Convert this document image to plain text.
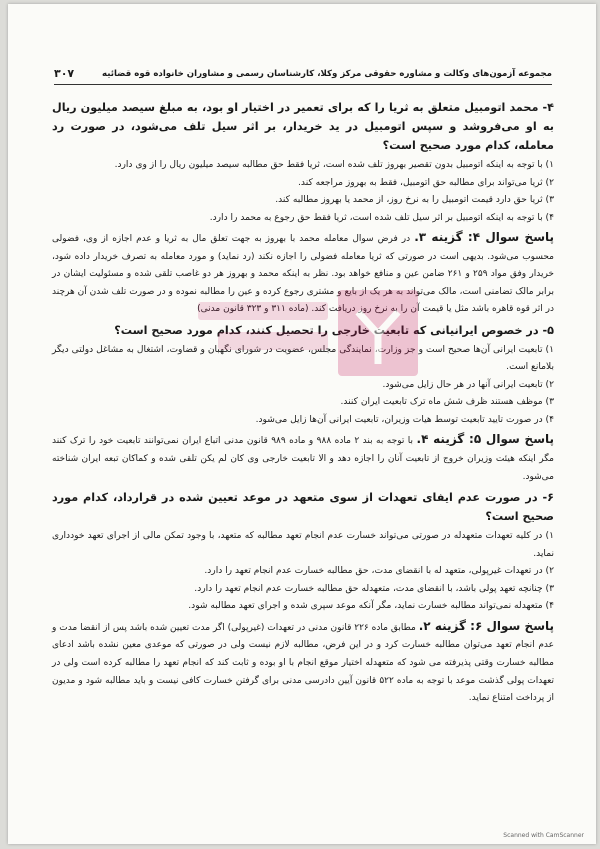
مجموعه آزمون‌های وکالت و مشاوره حقوقی مرکز وکلا، کارشناسان رسمی و مشاوران خانواده قوه قضائیه
۳۰۷

۴- محمد اتومبیل متعلق به ثریا را که برای تعمیر در اختیار او بود، به مبلغ سیصد میلیون ریال به او می‌فروشد و سپس اتومبیل در ید خریدار، بر اثر سیل تلف می‌شود، در صورت رد معامله، کدام مورد صحیح است؟

۱) با توجه به اینکه اتومبیل بدون تقصیر بهروز تلف شده است، ثریا فقط حق مطالبه سیصد میلیون ریال را از وی دارد.

۲) ثریا می‌تواند برای مطالبه حق اتومبیل، فقط به بهروز مراجعه کند.

۳) ثریا حق دارد قیمت اتومبیل را به نرخ روز، از محمد یا بهروز مطالبه کند.

۴) با توجه به اینکه اتومبیل بر اثر سیل تلف شده است، ثریا فقط حق رجوع به محمد را دارد.

پاسخ سوال ۴: گزینه ۳. در فرض سوال معامله محمد با بهروز به جهت تعلق مال به ثریا و عدم اجازه از وی، فضولی محسوب می‌شود. بدیهی است در صورتی که ثریا معامله فضولی را اجازه نکند (رد نماید) و مورد معامله به تصرف خریدار داده شود، خریدار وفق مواد ۲۵۹ و ۲۶۱ ضامن عین و منافع خواهد بود. نظر به اینکه محمد و بهروز هر دو غاصب تلقی شده و مسئولیت ایشان در برابر مالک تضامنی است، مالک می‌تواند به هر یک از بایع و مشتری رجوع کرده و عین را مطالبه نموده و در صورت تلف شدن آن هرچند در اثر قوه قاهره باشد مثل یا قیمت آن را به نرخ روز دریافت کند. (ماده ۳۱۱ و ۳۲۳ قانون مدنی)

۵- در خصوص ایرانیانی که تابعیت خارجی را تحصیل کنند، کدام مورد صحیح است؟

۱) تابعیت ایرانی آن‌ها صحیح است و جز وزارت، نمایندگی مجلس، عضویت در شورای نگهبان و قضاوت، اشتغال به مشاغل دولتی دیگر بلامانع است.

۲) تابعیت ایرانی آنها در هر حال زایل می‌شود.

۳) موظف هستند ظرف شش ماه ترک تابعیت ایران کنند.

۴) در صورت تایید تابعیت توسط هیات وزیران، تابعیت ایرانی آن‌ها زایل می‌شود.

پاسخ سوال ۵: گزینه ۴. با توجه به بند ۲ ماده ۹۸۸ و ماده ۹۸۹ قانون مدنی اتباع ایران نمی‌توانند تابعیت خود را ترک کنند مگر اینکه هیئت وزیران خروج از تابعیت آنان را اجازه دهد و الا تابعیت خارجی وی کان لم یکن تلقی شده و کماکان تبعه ایران شناخته می‌شود.

۶- در صورت عدم ایفای تعهدات از سوی متعهد در موعد تعیین شده در قرارداد، کدام مورد صحیح است؟

۱) در کلیه تعهدات متعهدله در صورتی می‌تواند خسارت عدم انجام تعهد مطالبه که متعهد، با وجود تمکن مالی از اجرای تعهد خودداری نماید.

۲) در تعهدات غیرپولی، متعهد له با انقضای مدت، حق مطالبه خسارت عدم انجام تعهد را دارد.

۳) چنانچه تعهد پولی باشد، با انقضای مدت، متعهدله حق مطالبه خسارت عدم انجام تعهد را دارد.

۴) متعهدله نمی‌تواند مطالبه خسارت نماید، مگر آنکه موعد سپری شده و اجرای تعهد مطالبه شود.

پاسخ سوال ۶: گزینه ۲. مطابق ماده ۲۲۶ قانون مدنی در تعهدات (غیرپولی) اگر مدت تعیین شده باشد پس از انقضا مدت و عدم انجام تعهد می‌توان مطالبه خسارت کرد و در این فرض، مطالبه لازم نیست ولی در صورتی که موعدی معین نشده باشد ادعای مطالبه خسارت وقتی پذیرفته می شود که متعهدله اختیار موقع انجام با او بوده و ثابت کند که انجام تعهد را مطالبه کرده است ولی در تعهدات پولی گذشت موعد با توجه به ماده ۵۲۲ قانون آیین دادرسی مدنی برای گرفتن خسارت کافی نیست و باید مطالبه شود و مدیون از پرداخت امتناع نماید.

Scanned with CamScanner
